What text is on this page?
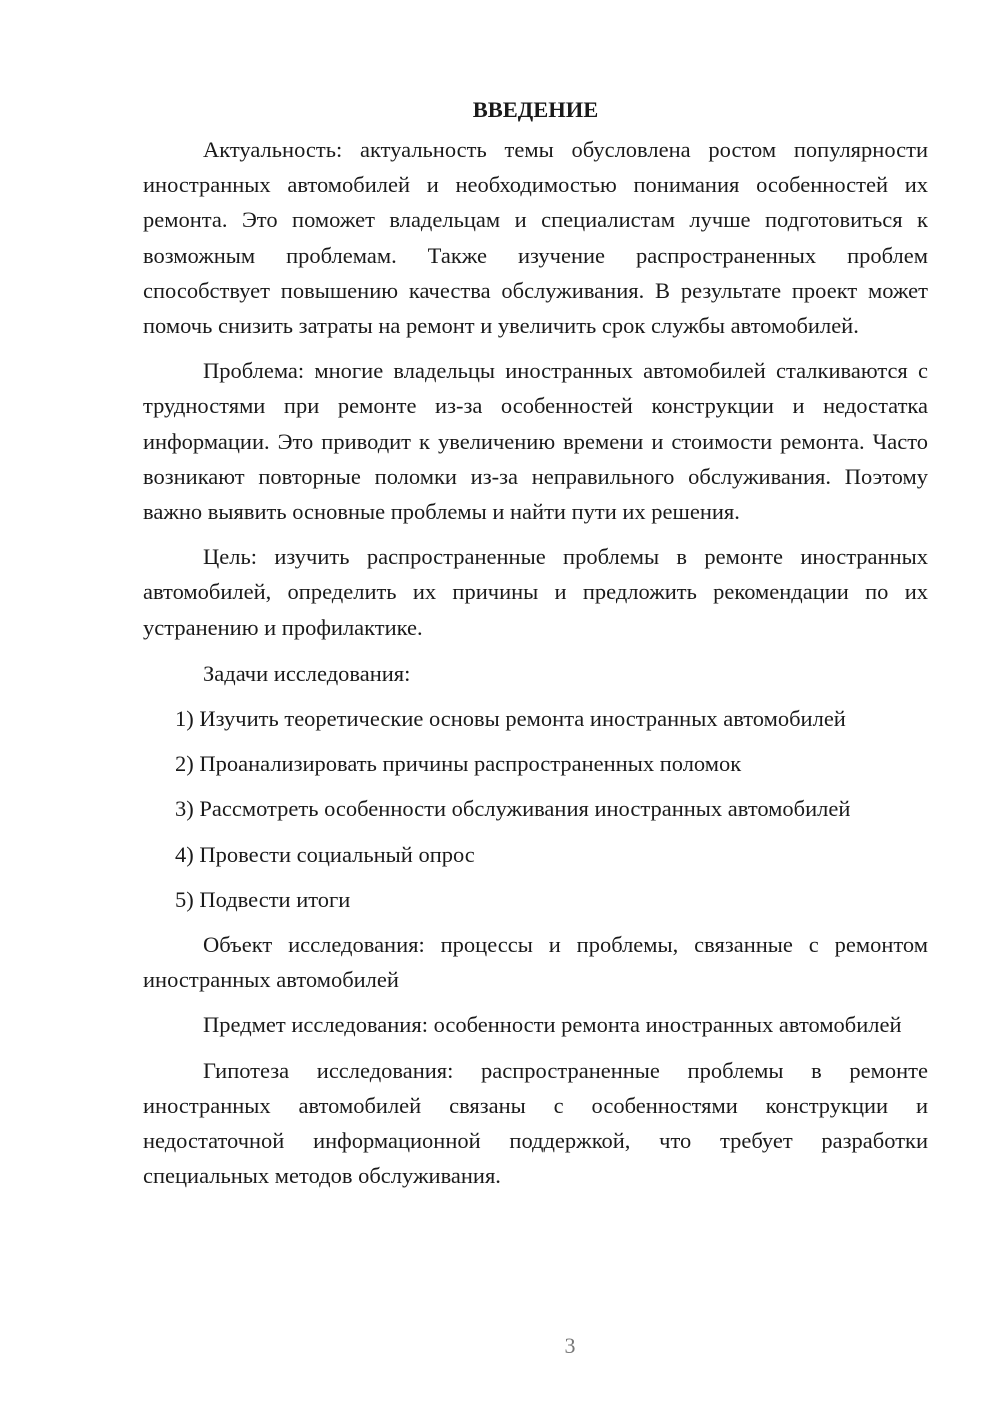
ВВЕДЕНИЕ

Актуальность: актуальность темы обусловлена ростом популярности иностранных автомобилей и необходимостью понимания особенностей их ремонта. Это поможет владельцам и специалистам лучше подготовиться к возможным проблемам. Также изучение распространенных проблем способствует повышению качества обслуживания. В результате проект может помочь снизить затраты на ремонт и увеличить срок службы автомобилей.

Проблема: многие владельцы иностранных автомобилей сталкиваются с трудностями при ремонте из-за особенностей конструкции и недостатка информации. Это приводит к увеличению времени и стоимости ремонта. Часто возникают повторные поломки из-за неправильного обслуживания. Поэтому важно выявить основные проблемы и найти пути их решения.

Цель: изучить распространенные проблемы в ремонте иностранных автомобилей, определить их причины и предложить рекомендации по их устранению и профилактике.

Задачи исследования:
1) Изучить теоретические основы ремонта иностранных автомобилей
2) Проанализировать причины распространенных поломок
3) Рассмотреть особенности обслуживания иностранных автомобилей
4) Провести социальный опрос
5) Подвести итоги

Объект исследования: процессы и проблемы, связанные с ремонтом иностранных автомобилей

Предмет исследования: особенности ремонта иностранных автомобилей

Гипотеза исследования: распространенные проблемы в ремонте иностранных автомобилей связаны с особенностями конструкции и недостаточной информационной поддержкой, что требует разработки специальных методов обслуживания.

3
